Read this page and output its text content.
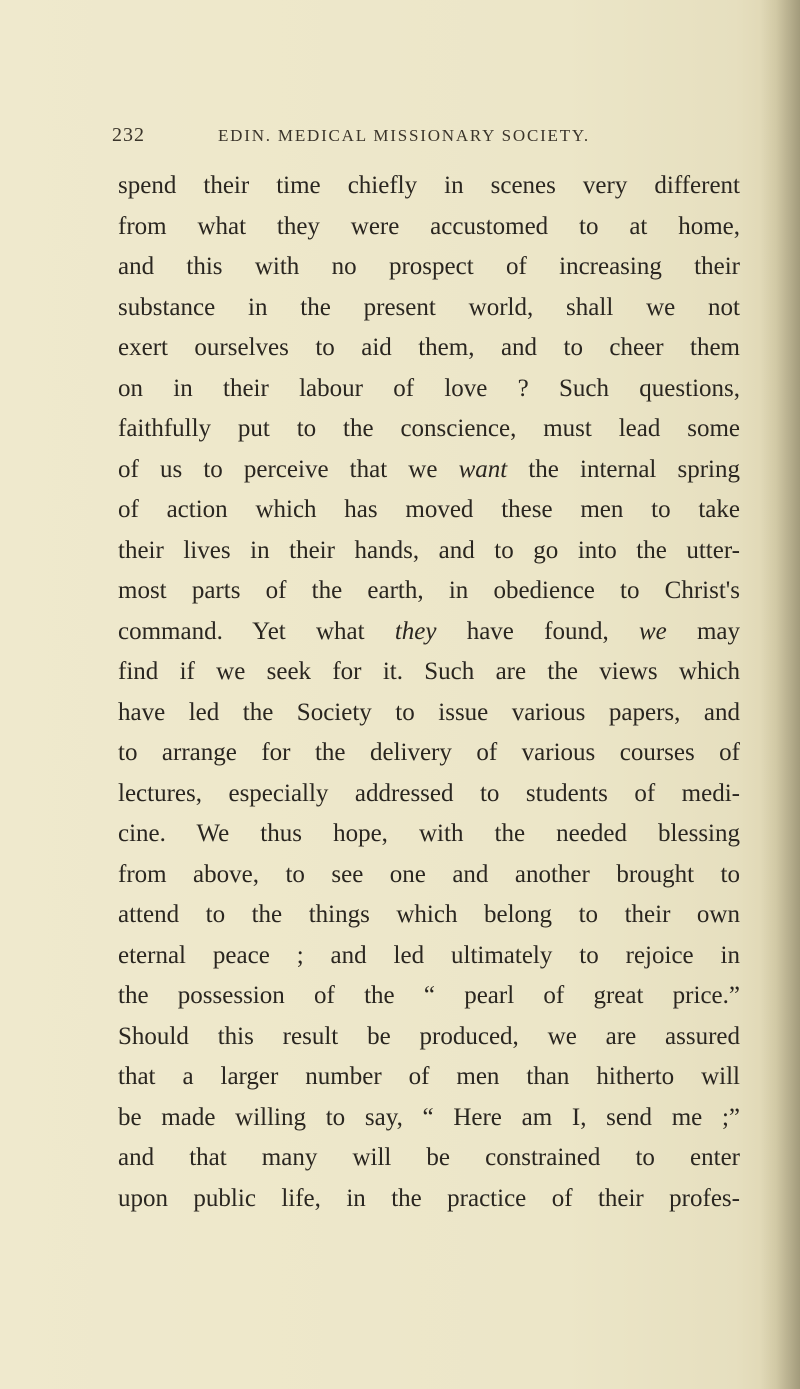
232	EDIN. MEDICAL MISSIONARY SOCIETY.
spend their time chiefly in scenes very different
from what they were accustomed to at home,
and this with no prospect of increasing their
substance in the present world, shall we not
exert ourselves to aid them, and to cheer them
on in their labour of love ? Such questions,
faithfully put to the conscience, must lead some
of us to perceive that we want the internal spring
of action which has moved these men to take
their lives in their hands, and to go into the utter-
most parts of the earth, in obedience to Christ's
command. Yet what they have found, we may
find if we seek for it. Such are the views which
have led the Society to issue various papers, and
to arrange for the delivery of various courses of
lectures, especially addressed to students of medi-
cine. We thus hope, with the needed blessing
from above, to see one and another brought to
attend to the things which belong to their own
eternal peace ; and led ultimately to rejoice in
the possession of the “ pearl of great price.”
Should this result be produced, we are assured
that a larger number of men than hitherto will
be made willing to say, “ Here am I, send me ;”
and that many will be constrained to enter
upon public life, in the practice of their profes-
